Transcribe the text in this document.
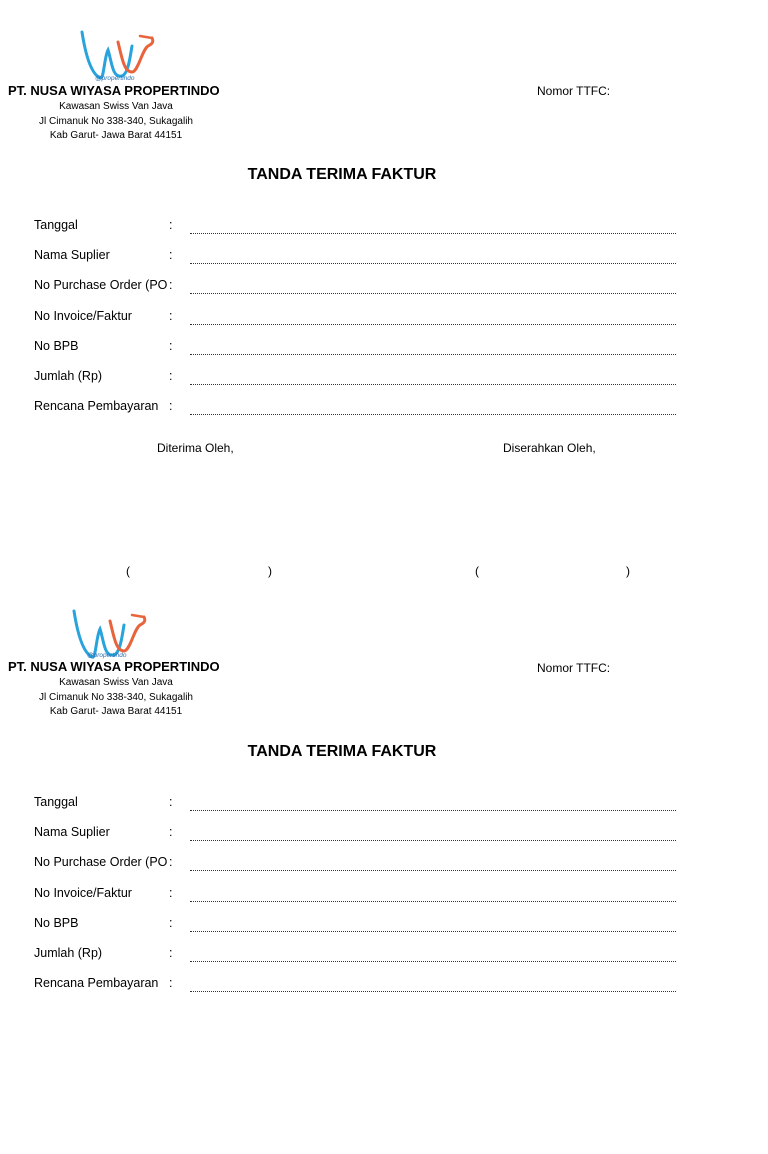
@propertindo
PT. NUSA WIYASA PROPERTINDO
Kawasan Swiss Van Java
Jl Cimanuk No 338-340, Sukagalih
Kab Garut- Jawa Barat 44151
Nomor TTFC:
TANDA TERIMA FAKTUR
Tanggal	:
Nama Suplier	:
No Purchase Order (PO :
No Invoice/Faktur	:
No BPB	:
Jumlah (Rp)	:
Rencana Pembayaran :
Diterima Oleh,	Diserahkan Oleh,
(	)	(	)
@propertindo
PT. NUSA WIYASA PROPERTINDO
Kawasan Swiss Van Java
Jl Cimanuk No 338-340, Sukagalih
Kab Garut- Jawa Barat 44151
Nomor TTFC:
TANDA TERIMA FAKTUR
Tanggal	:
Nama Suplier	:
No Purchase Order (PO :
No Invoice/Faktur	:
No BPB	:
Jumlah (Rp)	:
Rencana Pembayaran :
